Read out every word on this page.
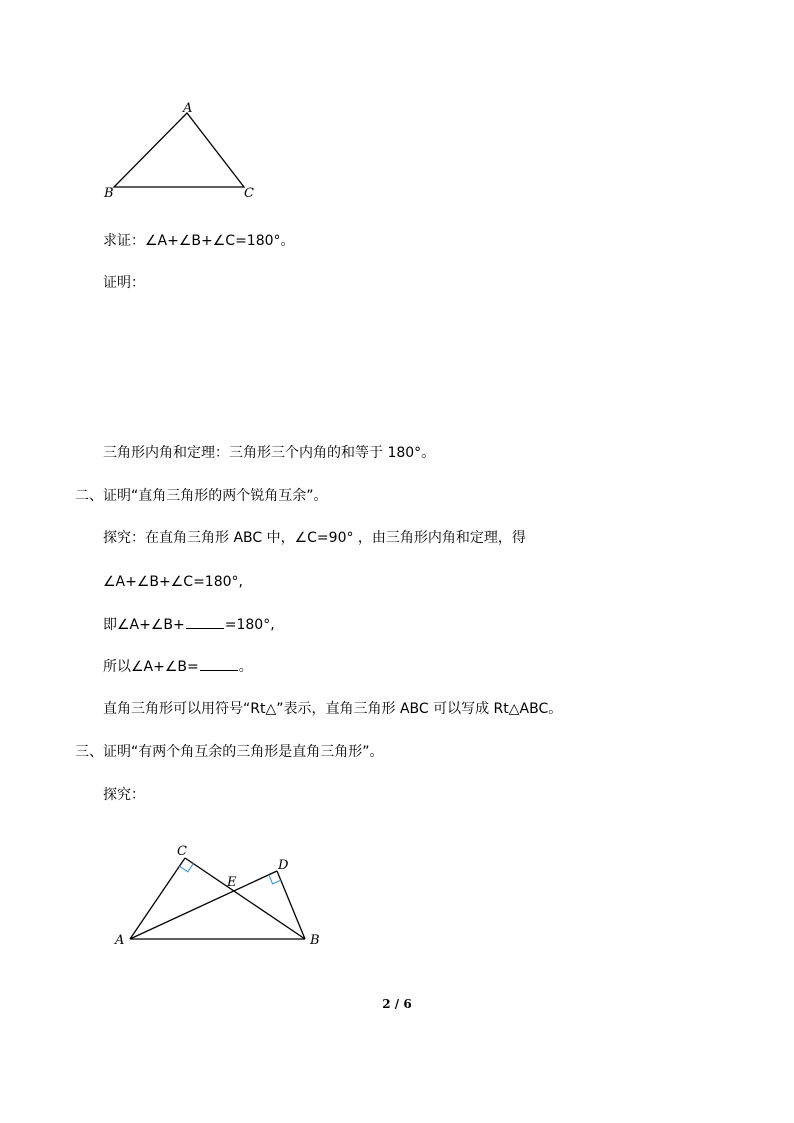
A
B	C

求证：∠A+∠B+∠C=180°。

证明：

三角形内角和定理：三角形三个内角的和等于 180°。

二、证明“直角三角形的两个锐角互余”。

探究：在直角三角形 ABC 中，∠C=90° ，由三角形内角和定理，得

∠A+∠B+∠C=180°,

即∠A+∠B+	=180°,

所以∠A+∠B=	。

直角三角形可以用符号“Rt△”表示，直角三角形 ABC 可以写成 Rt△ABC。

三、证明“有两个角互余的三角形是直角三角形”。

探究：

A	B
C
D
E
2 / 6
